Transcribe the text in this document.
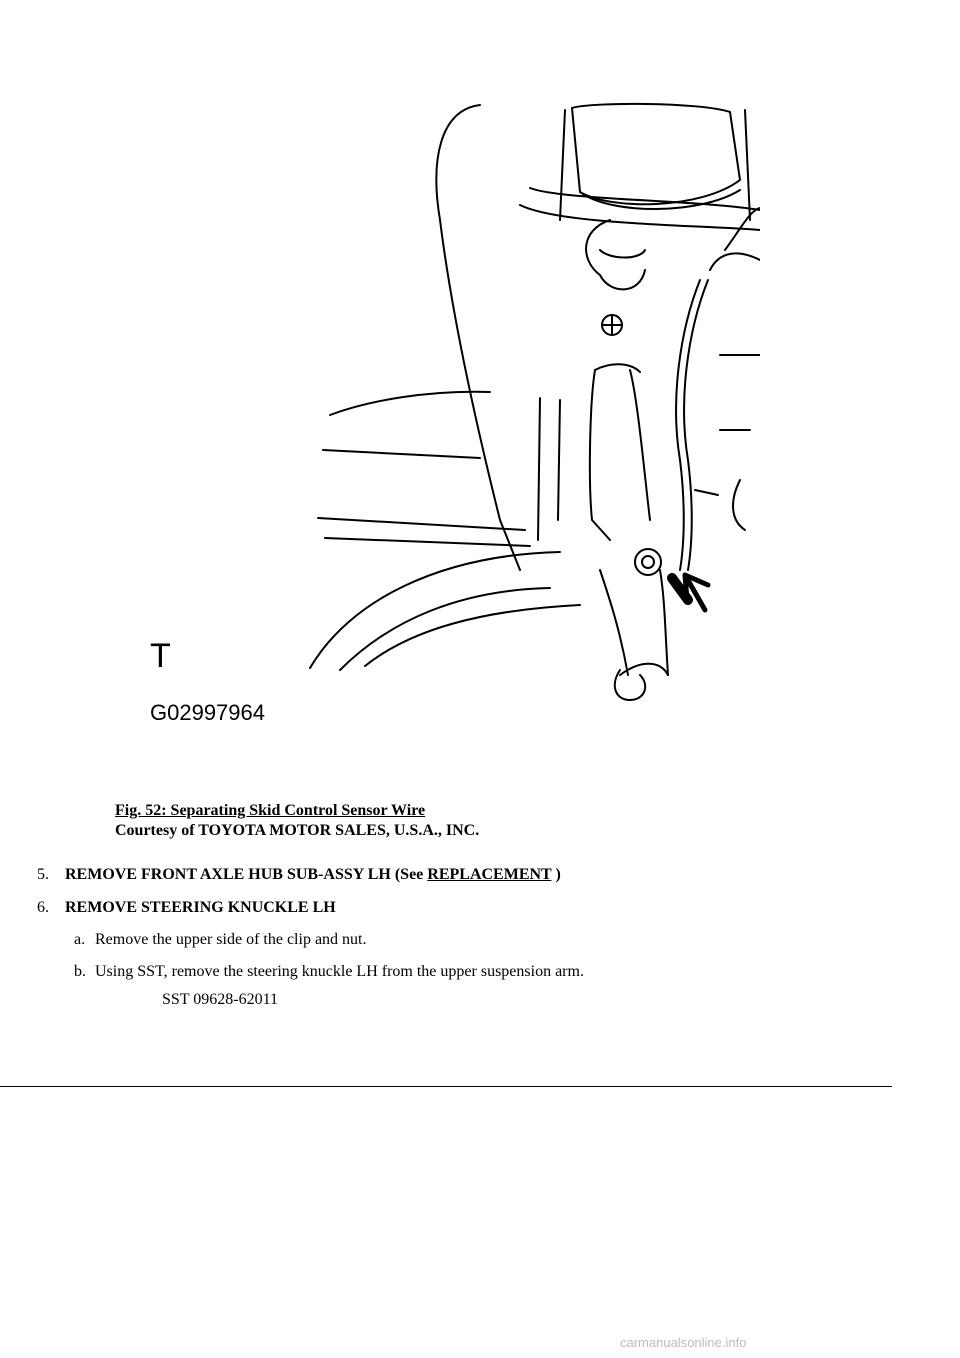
T
G02997964
Fig. 52: Separating Skid Control Sensor Wire
Courtesy of TOYOTA MOTOR SALES, U.S.A., INC.
5. REMOVE FRONT AXLE HUB SUB-ASSY LH (See REPLACEMENT )
6. REMOVE STEERING KNUCKLE LH
a. Remove the upper side of the clip and nut.
b. Using SST, remove the steering knuckle LH from the upper suspension arm.
SST 09628-62011
carmanualsonline.info
